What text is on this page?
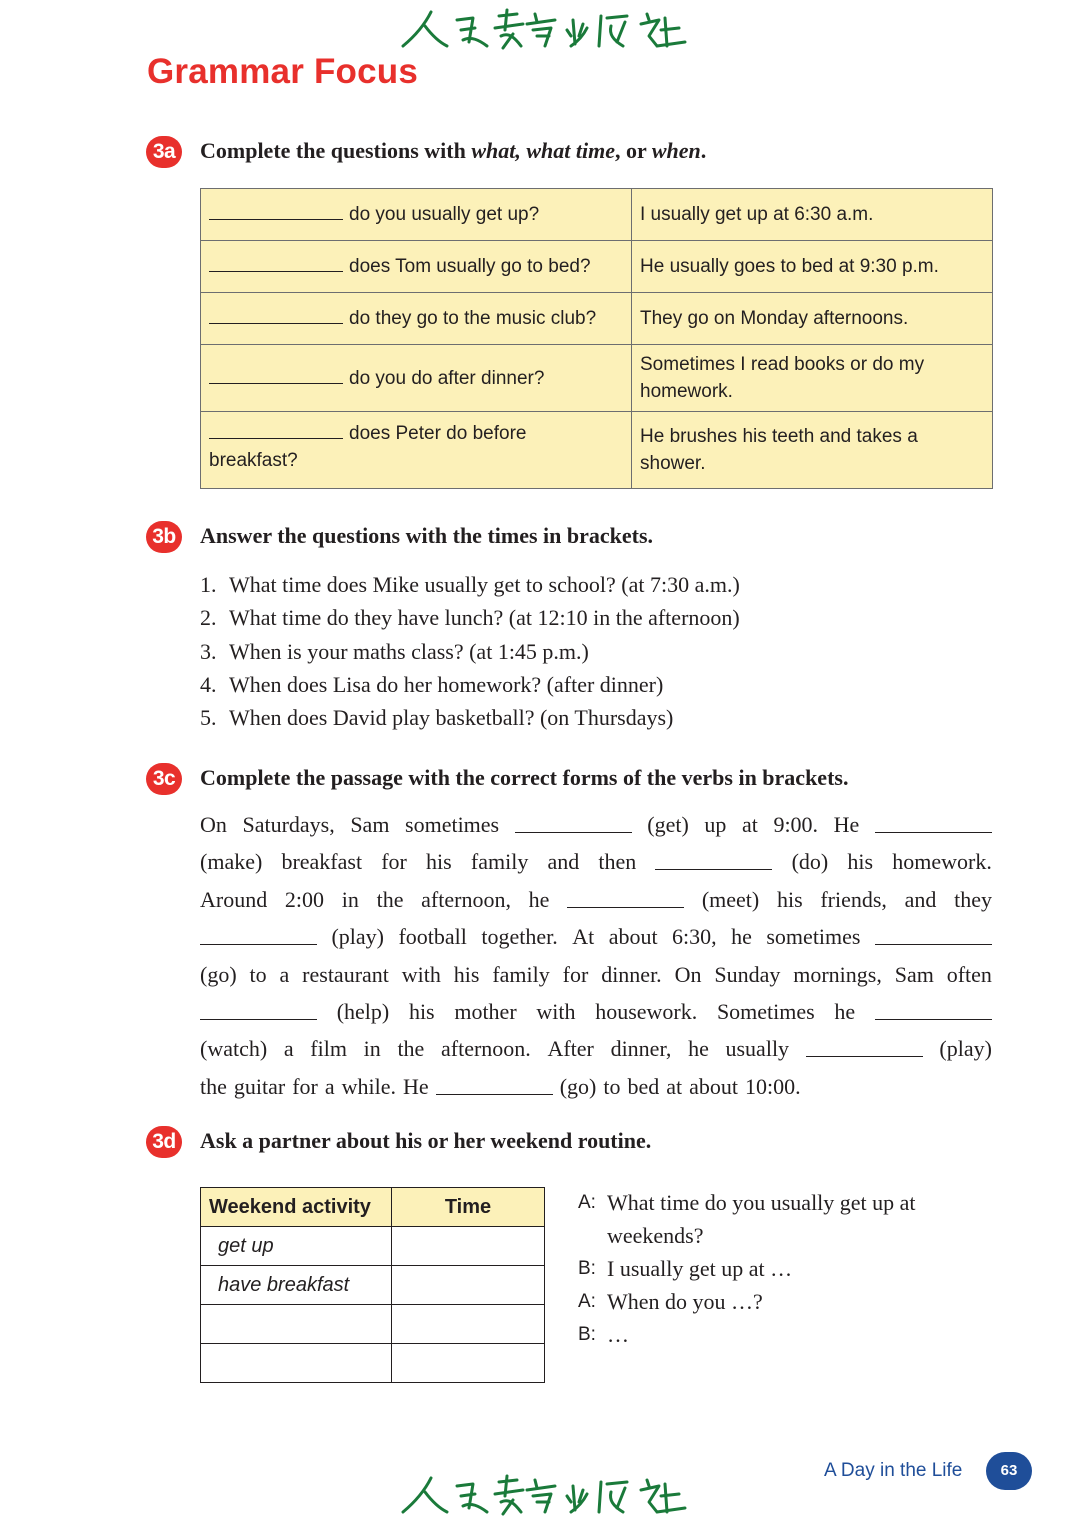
Grammar Focus
3a	Complete the questions with what, what time, or when.
do you usually get up?	I usually get up at 6:30 a.m.
does Tom usually go to bed?	He usually goes to bed at 9:30 p.m.
do they go to the music club?	They go on Monday afternoons.
do you do after dinner?	Sometimes I read books or do my homework.
does Peter do before
breakfast?	He brushes his teeth and takes a shower.
3b Answer the questions with the times in brackets.
1. What time does Mike usually get to school? (at 7:30 a.m.)
2. What time do they have lunch? (at 12:10 in the afternoon)
3. When is your maths class? (at 1:45 p.m.)
4. When does Lisa do her homework? (after dinner)
5. When does David play basketball? (on Thursdays)
3c	Complete the passage with the correct forms of the verbs in brackets.
On Saturdays, Sam sometimes	(get) up at 9:00. He
(make) breakfast for his family and then	(do) his homework.
Around 2:00 in the afternoon, he	(meet) his friends, and they
(play) football together. At about 6:30, he sometimes
(go) to a restaurant with his family for dinner. On Sunday mornings, Sam often
(help) his mother with housework. Sometimes he
(watch) a film in the afternoon. After dinner, he usually	(play)
the guitar for a while. He	(go) to bed at about 10:00.
3d Ask a partner about his or her weekend routine.
Weekend activity	Time
get up	
have breakfast	

A: What time do you usually get up at
weekends?
B: I usually get up at …
A: When do you …?
B: …
A Day in the Life	63
